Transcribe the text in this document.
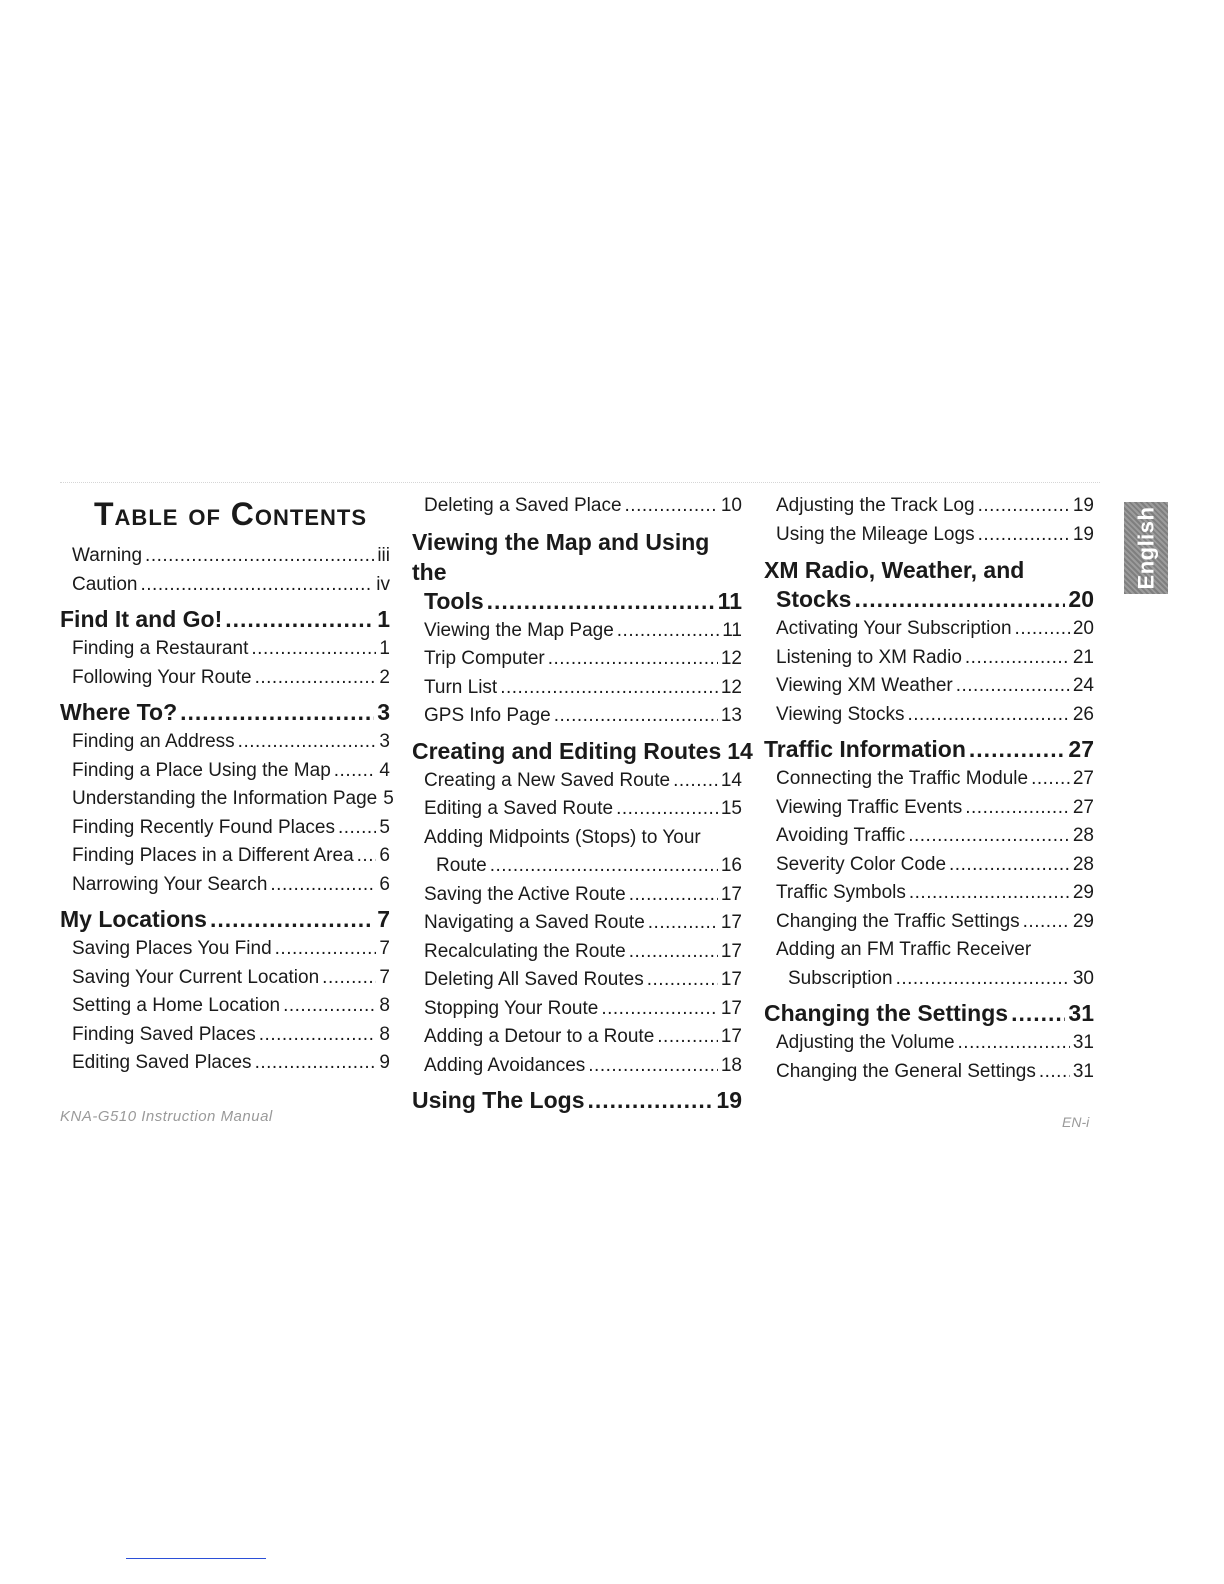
Table of Contents
Warning .....	iii
Caution .....	iv
Find It and Go! .....	1
Finding a Restaurant .....	1
Following Your Route .....	2
Where To? .....	3
Finding an Address .....	3
Finding a Place Using the Map .....	4
Understanding the Information Page 5
Finding Recently Found Places ..... 5
Finding Places in a Different Area ..... 6
Narrowing Your Search .....	6
My Locations .....	7
Saving Places You Find .....	7
Saving Your Current Location .....	7
Setting a Home Location .....	8
Finding Saved Places .....	8
Editing Saved Places .....	9
Deleting a Saved Place .....	10
Viewing the Map and Using the
Tools .....	11
Viewing the Map Page .....	11
Trip Computer .....	12
Turn List .....	12
GPS Info Page .....	13
Creating and Editing Routes 14
Creating a New Saved Route .....	14
Editing a Saved Route .....	15
Adding Midpoints (Stops) to Your
Route .....	16
Saving the Active Route .....	17
Navigating a Saved Route .....	17
Recalculating the Route .....	17
Deleting All Saved Routes .....	17
Stopping Your Route .....	17
Adding a Detour to a Route .....	17
Adding Avoidances .....	18
Using The Logs .....	19
Adjusting the Track Log .....	19
Using the Mileage Logs .....	19
XM Radio, Weather, and
Stocks .....	20
Activating Your Subscription .....	20
Listening to XM Radio .....	21
Viewing XM Weather .....	24
Viewing Stocks .....	26
Traffic Information .....	27
Connecting the Traffic Module ..... 27
Viewing Traffic Events .....	27
Avoiding Traffic .....	28
Severity Color Code .....	28
Traffic Symbols .....	29
Changing the Traffic Settings .....	29
Adding an FM Traffic Receiver
Subscription .....	30
Changing the Settings .....	31
Adjusting the Volume .....	31
Changing the General Settings ..... 31
English
KNA-G510 Instruction Manual	EN-i
